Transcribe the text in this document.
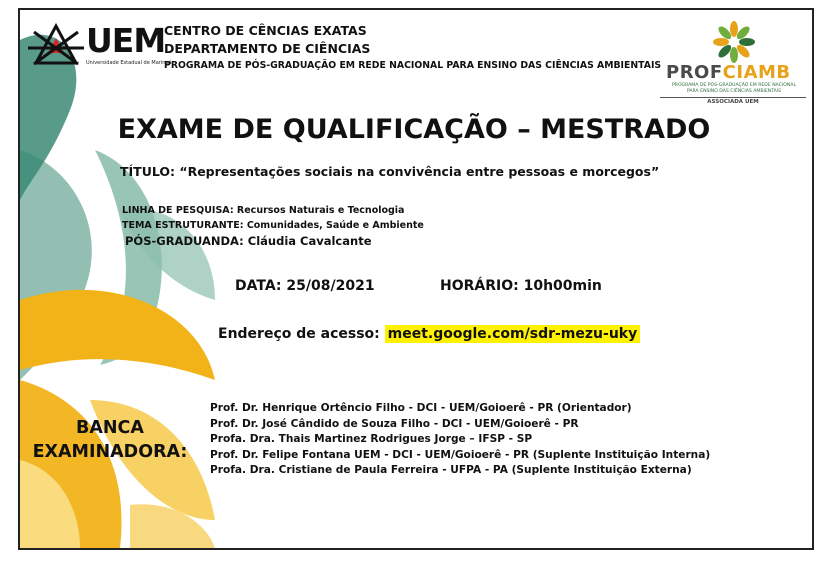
UEM
Universidade Estadual de Maringá
CENTRO DE CÊNCIAS EXATAS
DEPARTAMENTO DE CIÊNCIAS
PROGRAMA DE PÓS-GRADUAÇÃO EM REDE NACIONAL PARA ENSINO DAS CIÊNCIAS AMBIENTAIS PROFCIAMB
PROGRAMA DE PÓS-GRADUAÇÃO EM REDE NACIONAL
PARA ENSINO DAS CIÊNCIAS AMBIENTAIS
ASSOCIADA UEM
EXAME DE QUALIFICAÇÃO – MESTRADO
TÍTULO: “Representações sociais na convivência entre pessoas e morcegos”
LINHA DE PESQUISA: Recursos Naturais e Tecnologia
TEMA ESTRUTURANTE: Comunidades, Saúde e Ambiente
PÓS-GRADUANDA: Cláudia Cavalcante
DATA: 25/08/2021	HORÁRIO: 10h00min
Endereço de acesso: meet.google.com/sdr-mezu-uky
BANCA
EXAMINADORA:
Prof. Dr. Henrique Ortêncio Filho - DCI - UEM/Goioerê - PR (Orientador)
Prof. Dr. José Cândido de Souza Filho - DCI - UEM/Goioerê - PR
Profa. Dra. Thais Martinez Rodrigues Jorge – IFSP - SP
Prof. Dr. Felipe Fontana UEM - DCI - UEM/Goioerê - PR (Suplente Instituição Interna)
Profa. Dra. Cristiane de Paula Ferreira - UFPA - PA (Suplente Instituição Externa)
